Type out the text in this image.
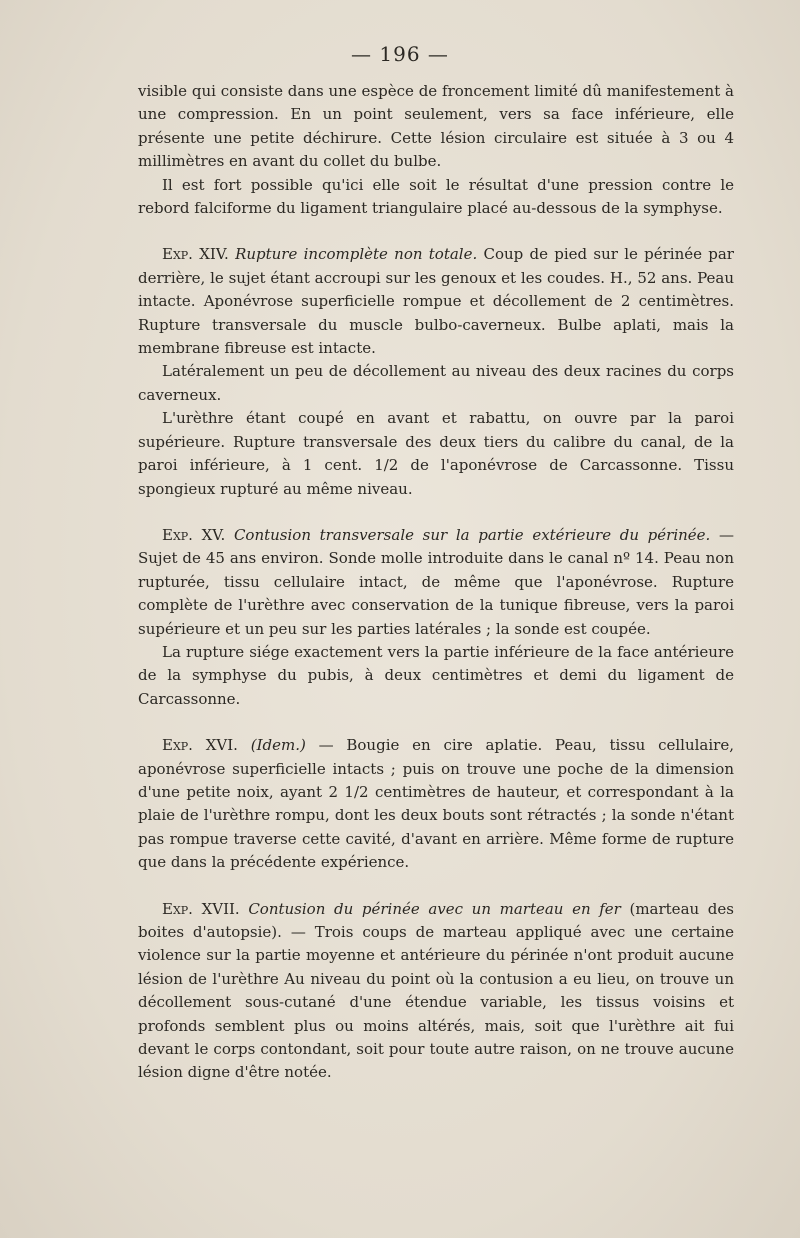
— 196 —

visible qui consiste dans une espèce de froncement limité dû manifestement à une compression. En un point seulement, vers sa face inférieure, elle présente une petite déchirure. Cette lésion circulaire est située à 3 ou 4 millimètres en avant du collet du bulbe.

Il est fort possible qu'ici elle soit le résultat d'une pression contre le rebord falciforme du ligament triangulaire placé au-dessous de la symphyse.

Exp. XIV. Rupture incomplète non totale. Coup de pied sur le périnée par derrière, le sujet étant accroupi sur les genoux et les coudes. H., 52 ans. Peau intacte. Aponévrose superficielle rompue et décollement de 2 centimètres. Rupture transversale du muscle bulbo-caverneux. Bulbe aplati, mais la membrane fibreuse est intacte.

Latéralement un peu de décollement au niveau des deux racines du corps caverneux.

L'urèthre étant coupé en avant et rabattu, on ouvre par la paroi supérieure. Rupture transversale des deux tiers du calibre du canal, de la paroi inférieure, à 1 cent. 1/2 de l'aponévrose de Carcassonne. Tissu spongieux rupturé au même niveau.

Exp. XV. Contusion transversale sur la partie extérieure du périnée. — Sujet de 45 ans environ. Sonde molle introduite dans le canal nº 14. Peau non rupturée, tissu cellulaire intact, de même que l'aponévrose. Rupture complète de l'urèthre avec conservation de la tunique fibreuse, vers la paroi supérieure et un peu sur les parties latérales ; la sonde est coupée.

La rupture siége exactement vers la partie inférieure de la face antérieure de la symphyse du pubis, à deux centimètres et demi du ligament de Carcassonne.

Exp. XVI. (Idem.) — Bougie en cire aplatie. Peau, tissu cellulaire, aponévrose superficielle intacts ; puis on trouve une poche de la dimension d'une petite noix, ayant 2 1/2 centimètres de hauteur, et correspondant à la plaie de l'urèthre rompu, dont les deux bouts sont rétractés ; la sonde n'étant pas rompue traverse cette cavité, d'avant en arrière. Même forme de rupture que dans la précédente expérience.

Exp. XVII. Contusion du périnée avec un marteau en fer (marteau des boites d'autopsie). — Trois coups de marteau appliqué avec une certaine violence sur la partie moyenne et antérieure du périnée n'ont produit aucune lésion de l'urèthre Au niveau du point où la contusion a eu lieu, on trouve un décollement sous-cutané d'une étendue variable, les tissus voisins et profonds semblent plus ou moins altérés, mais, soit que l'urèthre ait fui devant le corps contondant, soit pour toute autre raison, on ne trouve aucune lésion digne d'être notée.
